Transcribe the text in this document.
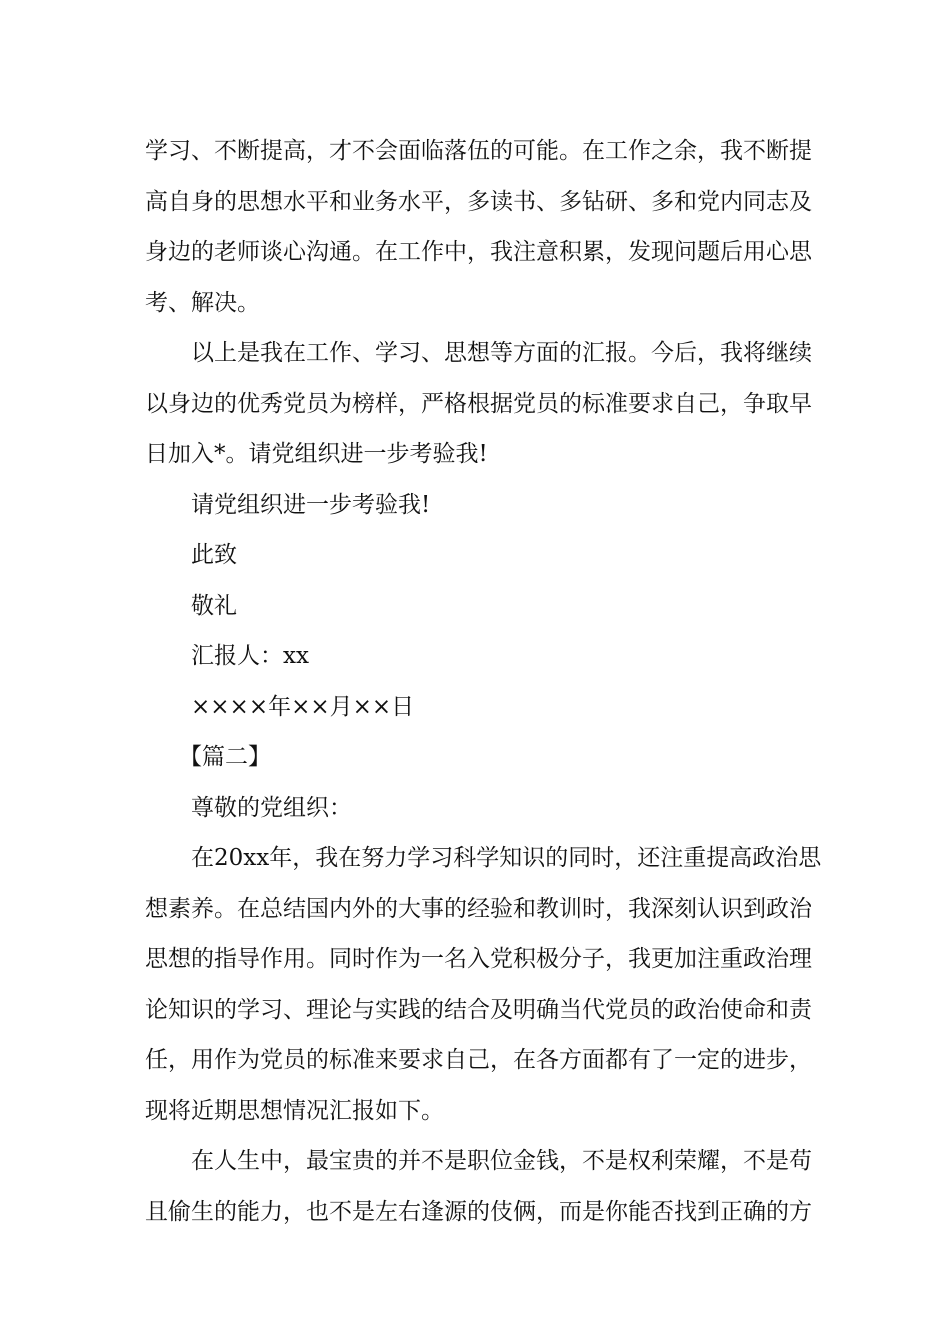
学习、不断提高，才不会面临落伍的可能。在工作之余，我不断提
高自身的思想水平和业务水平，多读书、多钻研、多和党内同志及
身边的老师谈心沟通。在工作中，我注意积累，发现问题后用心思
考、解决。

以上是我在工作、学习、思想等方面的汇报。今后，我将继续
以身边的优秀党员为榜样，严格根据党员的标准要求自己，争取早
日加入*。请党组织进一步考验我!

请党组织进一步考验我!

此致

敬礼

汇报人：xx

××××年××月××日

【篇二】

尊敬的党组织：

在20xx年，我在努力学习科学知识的同时，还注重提高政治思
想素养。在总结国内外的大事的经验和教训时，我深刻认识到政治
思想的指导作用。同时作为一名入党积极分子，我更加注重政治理
论知识的学习、理论与实践的结合及明确当代党员的政治使命和责
任，用作为党员的标准来要求自己，在各方面都有了一定的进步，
现将近期思想情况汇报如下。

在人生中，最宝贵的并不是职位金钱，不是权利荣耀，不是苟
且偷生的能力，也不是左右逢源的伎俩，而是你能否找到正确的方
